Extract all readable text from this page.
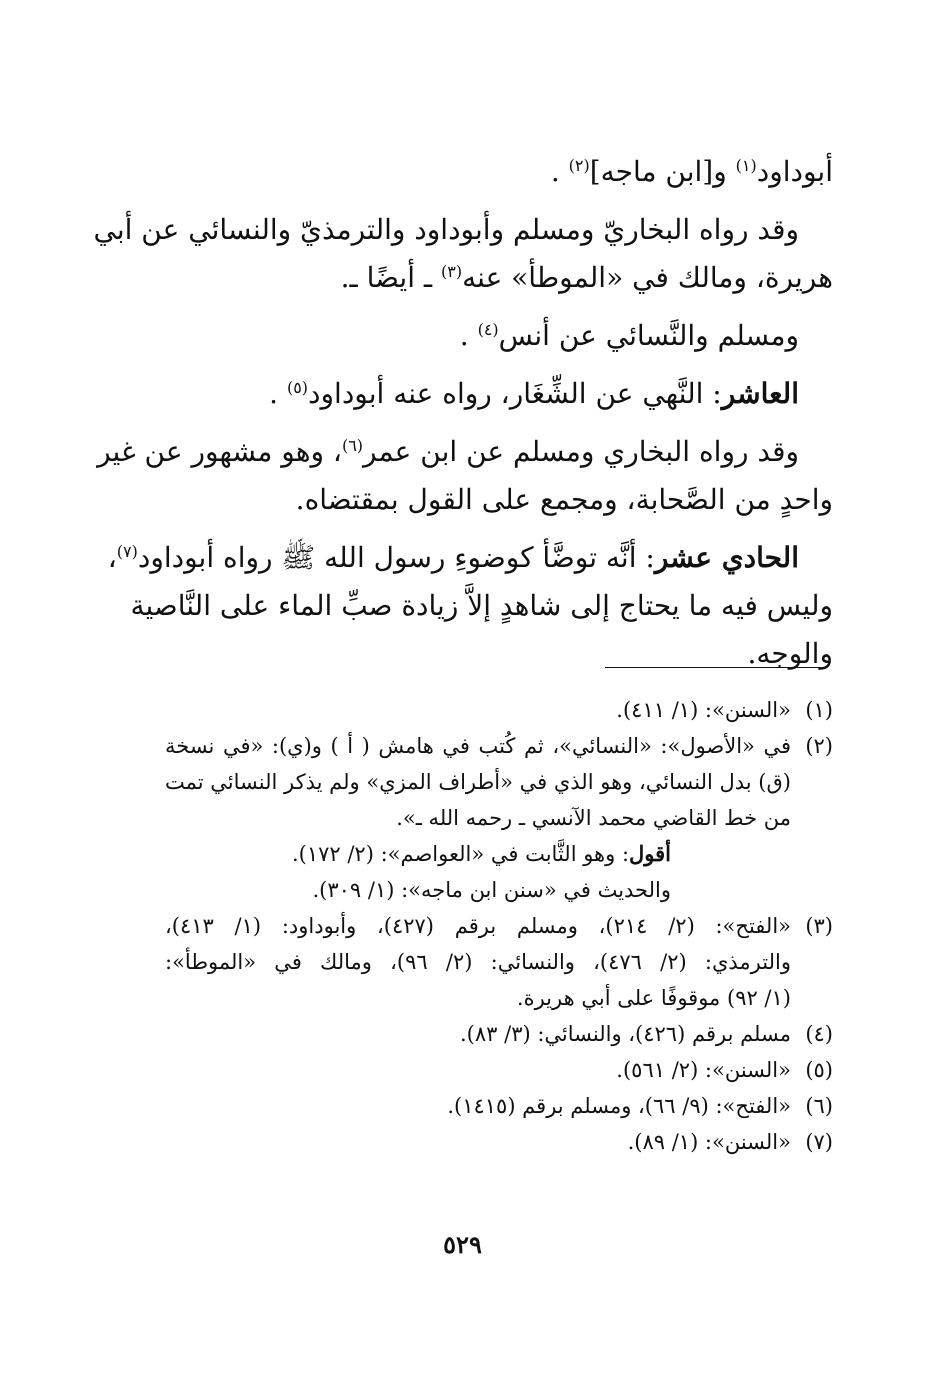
أبوداود$^{(١)}$ و[ابن ماجه]$^{(٢)}$ .

وقد رواه البخاريّ ومسلم وأبوداود والترمذيّ والنسائي عن أبي

هريرة، ومالك في «الموطأ» عنه$^{(٣)}$ ـ أيضًا ـ.

ومسلم والنَّسائي عن أنس$^{(٤)}$ .

العاشر: النَّهي عن الشِّغَار، رواه عنه أبوداود$^{(٥)}$ .

وقد رواه البخاري ومسلم عن ابن عمر$^{(٦)}$، وهو مشهور عن غير

واحدٍ من الصَّحابة، ومجمع على القول بمقتضاه.

الحادي عشر: أنَّه توضَّأ كوضوءِ رسول الله ﷺ رواه أبوداود$^{(٧)}$،

وليس فيه ما يحتاج إلى شاهدٍ إلاَّ زيادة صبِّ الماء على النَّاصية

والوجه.

(١)
«السنن»: (١/ ٤١١).
(٢)
في «الأصول»: «النسائي»، ثم كُتب في هامش ( أ ) و(ي): «في نسخة
(ق) بدل النسائي، وهو الذي في «أطراف المزي» ولم يذكر النسائي تمت
من خط القاضي محمد الآنسي ـ رحمه الله ـ».
أقول: وهو الثَّابت في «العواصم»: (٢/ ١٧٢).
والحديث في «سنن ابن ماجه»: (١/ ٣٠٩).
(٣)
«الفتح»: (٢/ ٢١٤)، ومسلم برقم (٤٢٧)، وأبوداود: (١/ ٤١٣)،
والترمذي: (٢/ ٤٧٦)، والنسائي: (٢/ ٩٦)، ومالك في «الموطأ»:
(١/ ٩٢) موقوفًا على أبي هريرة.
(٤)
مسلم برقم (٤٢٦)، والنسائي: (٣/ ٨٣).
(٥)
«السنن»: (٢/ ٥٦١).
(٦)
«الفتح»: (٩/ ٦٦)، ومسلم برقم (١٤١٥).
(٧)
«السنن»: (١/ ٨٩).
٥٢٩
